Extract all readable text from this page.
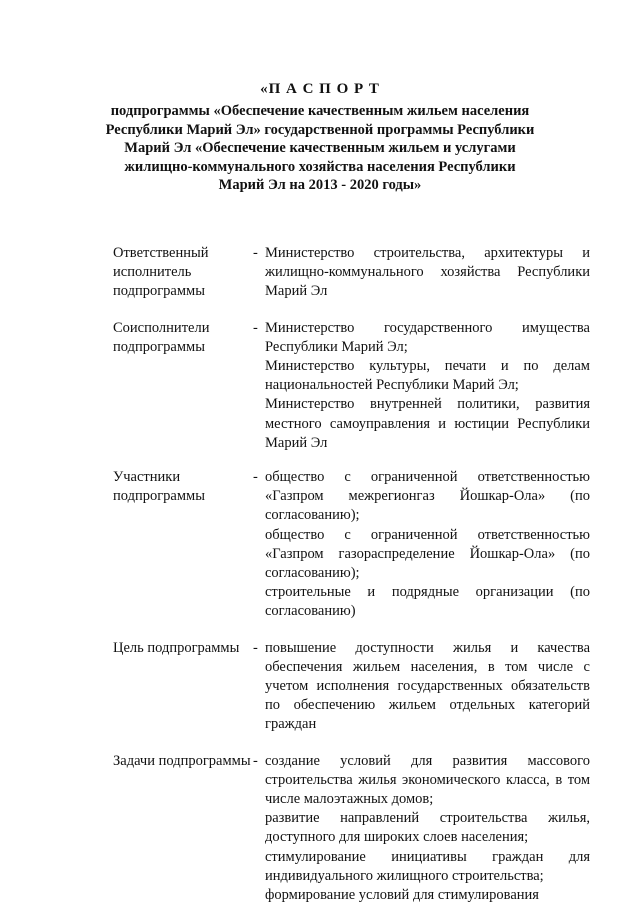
«П А С П О Р Т
подпрограммы «Обеспечение качественным жильем населения
Республики Марий Эл» государственной программы Республики
Марий Эл «Обеспечение качественным жильем и услугами
жилищно-коммунального хозяйства населения Республики
Марий Эл на 2013 - 2020 годы»
Ответственный исполнитель подпрограммы
- Министерство строительства, архитектуры и жилищно-коммунального хозяйства Республики Марий Эл

Соисполнители подпрограммы
- Министерство государственного имущества Республики Марий Эл;

Министерство культуры, печати и по делам национальностей Республики Марий Эл;

Министерство внутренней политики, развития местного самоуправления и юстиции Республики Марий Эл

Участники подпрограммы
- общество с ограниченной ответственностью «Газпром межрегионгаз Йошкар-Ола» (по согласованию);

общество с ограниченной ответственностью «Газпром газораспределение Йошкар-Ола» (по согласованию);

строительные и подрядные организации (по согласованию)

Цель подпрограммы - повышение доступности жилья и качества обеспечения жильем населения, в том числе с учетом исполнения государственных обязательств по обеспечению жильем отдельных категорий граждан

Задачи подпрограммы - создание условий для развития массового строительства жилья экономического класса, в том числе малоэтажных домов;

развитие направлений строительства жилья, доступного для широких слоев населения;

стимулирование инициативы граждан для индивидуального жилищного строительства;

формирование условий для стимулирования
